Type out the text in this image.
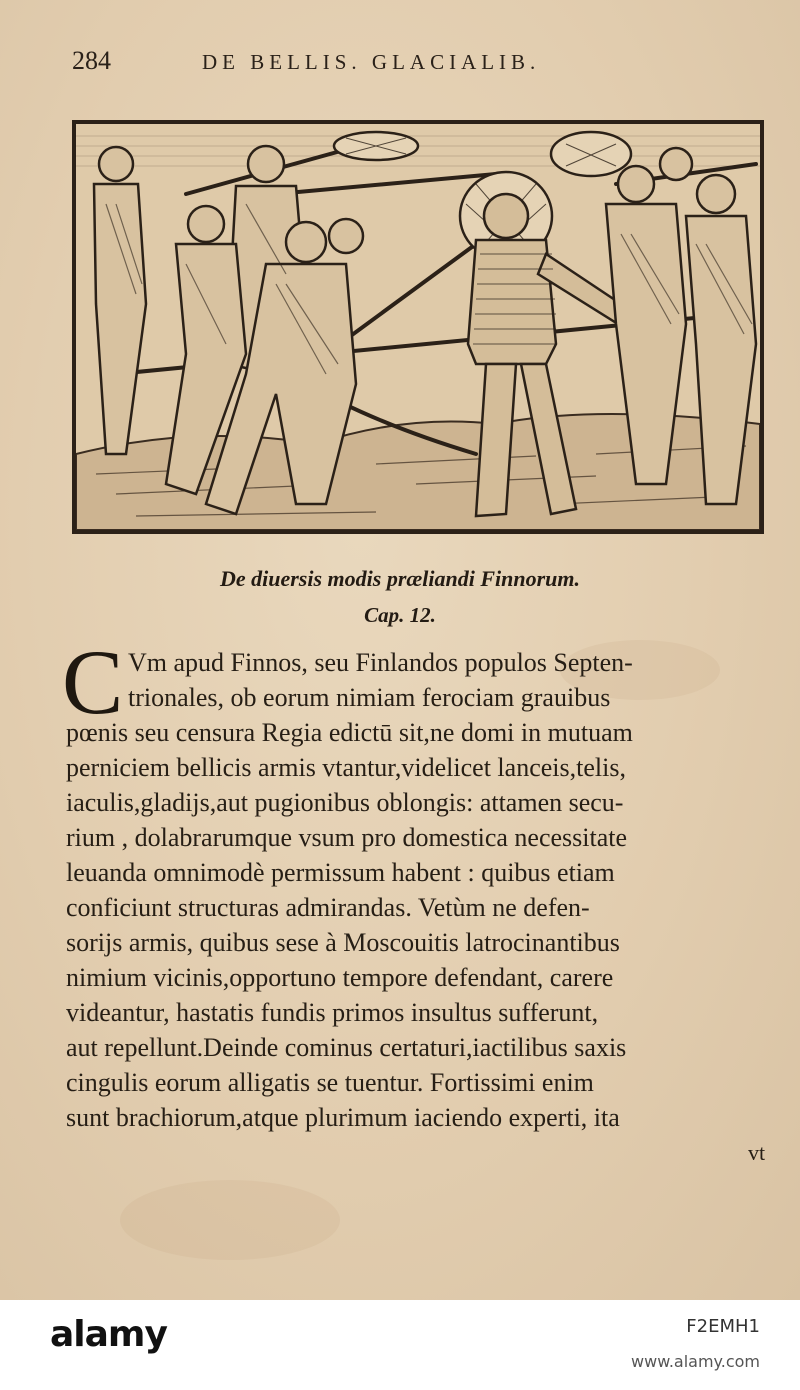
284	DE BELLIS. GLACIALIB.
De diuersis modis præliandi Finnorum.
Cap. 12.
C Vm apud Finnos, seu Finlandos populos Septen-
trionales, ob eorum nimiam ferociam grauibus
pœnis seu censura Regia edictū sit,ne domi in mutuam
perniciem bellicis armis vtantur,videlicet lanceis,telis,
iaculis,gladijs,aut pugionibus oblongis: attamen secu-
rium , dolabrarumque vsum pro domestica necessitate
leuanda omnimodè permissum habent : quibus etiam
conficiunt structuras admirandas. Vetùm ne defen-
sorijs armis, quibus sese à Moscouitis latrocinantibus
nimium vicinis,opportuno tempore defendant, carere
videantur, hastatis fundis primos insultus sufferunt,
aut repellunt.Deinde cominus certaturi,iactilibus saxis
cingulis eorum alligatis se tuentur. Fortissimi enim
sunt brachiorum,atque plurimum iaciendo experti, ita
vt
alamy	F2EMH1
www.alamy.com
